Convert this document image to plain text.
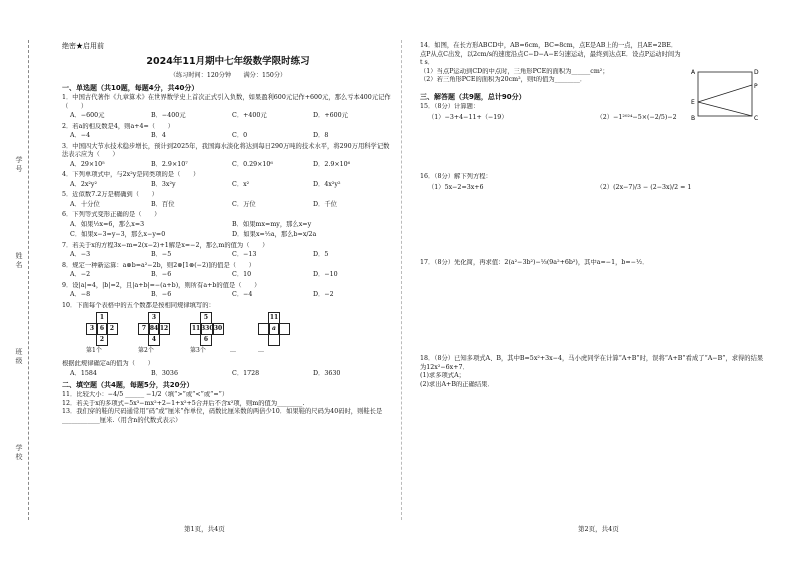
学号
姓名
班级
学校
绝密★启用前
2024年11月期中七年级数学限时练习
（练习时间：120分钟　　满分：150分）
一、单选题（共10题，每题4分，共40分）
1．中国古代著作《九章算术》在世界数学史上首次正式引入负数，如果盈利600元记作+600元，那么亏本400元记作（　　）
A．−600元	B．−400元	C．+400元	D．+600元
2．若a的相反数是4，则a+4=（　　）
A．−4	B．4	C．0	D．8
3．中国四大节水技术稳步增长，预计到2025年，我国海水淡化将达到每日290万吨的技术水平，将290万用科学记数法表示应为（　　）
A．29×10⁵	B．2.9×10⁷	C．0.29×10⁶	D．2.9×10⁶
4．下列单项式中，与2x²y是同类项的是（　　）
A．2x²y²	B．3x²y	C．x²	D．4x²y²
5．近似数7.2万是精确到（　　）
A．十分位	B．百位	C．万位	D．千位
6．下列等式变形正确的是（　　）
A．如果½x=6，那么x=3	B．如果mx=my，那么x=y
C．如果x−3=y−3，那么x−y=0	D．如果x=½a，那么b=x/2a
7．若关于x的方程3x−m=2(x−2)+1解是x=−2，那么m的值为（　　）
A．−3	B．−5	C．−13	D．5
8．规定一种新运算：a⊗b=a²−2b，则2⊗[1⊗(−2)]的值是（　　）
A．−2	B．−6	C．10	D．−10
9．设|a|=4，|b|=2，且|a+b|=−(a+b)，则所有a+b的值是（　　）
A．−8	B．−6	C．−4	D．−2
10．下面每个表格中的五个数都是按相同规律填写的：
1
3 6 2
2
3
7 84 12
4
5
11 330 30
6
11
a
第1个	第2个	第3个	…	…
根据此规律确定a的值为（　　）
A．1584	B．3036	C．1728	D．3630
二、填空题（共4题，每题5分，共20分）
11．比较大小：−4/5 ______ −1/2（填“>”或“<”或“=”）
12．若关于x的多项式−5x³−mx²+2−1+x²+5合并后不含x²项，则m的值为________.
13．我们穿的鞋的尺码通常用“码”或“厘米”作单位，码数比厘米数的两倍少10．如果鞋的尺码为40码时，则鞋长是____________厘米.（用含n的代数式表示）
14．如图，在长方形ABCD中，AB=6cm，BC=8cm，点E是AB上的一点，且AE=2BE．点P从点C出发，以2cm/s的速度沿点C−D−A−E匀速运动，最终到达点E．设点P运动时间为t s．
（1）当点P运动到CD的中点时，三角形PCE的面积为______cm²；
（2）若三角形PCE的面积为20cm²，则t的值为________．
三、解答题（共9题，总计90分）
15．（8分）计算题：
（1）−3+4−11+（−19）	（2）−1²⁰²⁴−5×(−2/5)−2
16．（8分）解下列方程：
（1）5x−2=3x+6	（2）(2x−7)/3 − (2−3x)/2 = 1
17．（8分）先化简，再求值：2(a²−3b²)−⅓(9a²+6b²)，其中a=−1，b=−½．
18．（8分）已知多项式A、B，其中B=5x²+3x−4，马小虎同学在计算“A+B”时，误将“A+B”看成了“A−B”，求得的结果为12x²−6x+7．
(1)求多项式A；
(2)求出A+B的正确结果．
A	D
P
E
B	C
第1页，共4页	第2页，共4页
